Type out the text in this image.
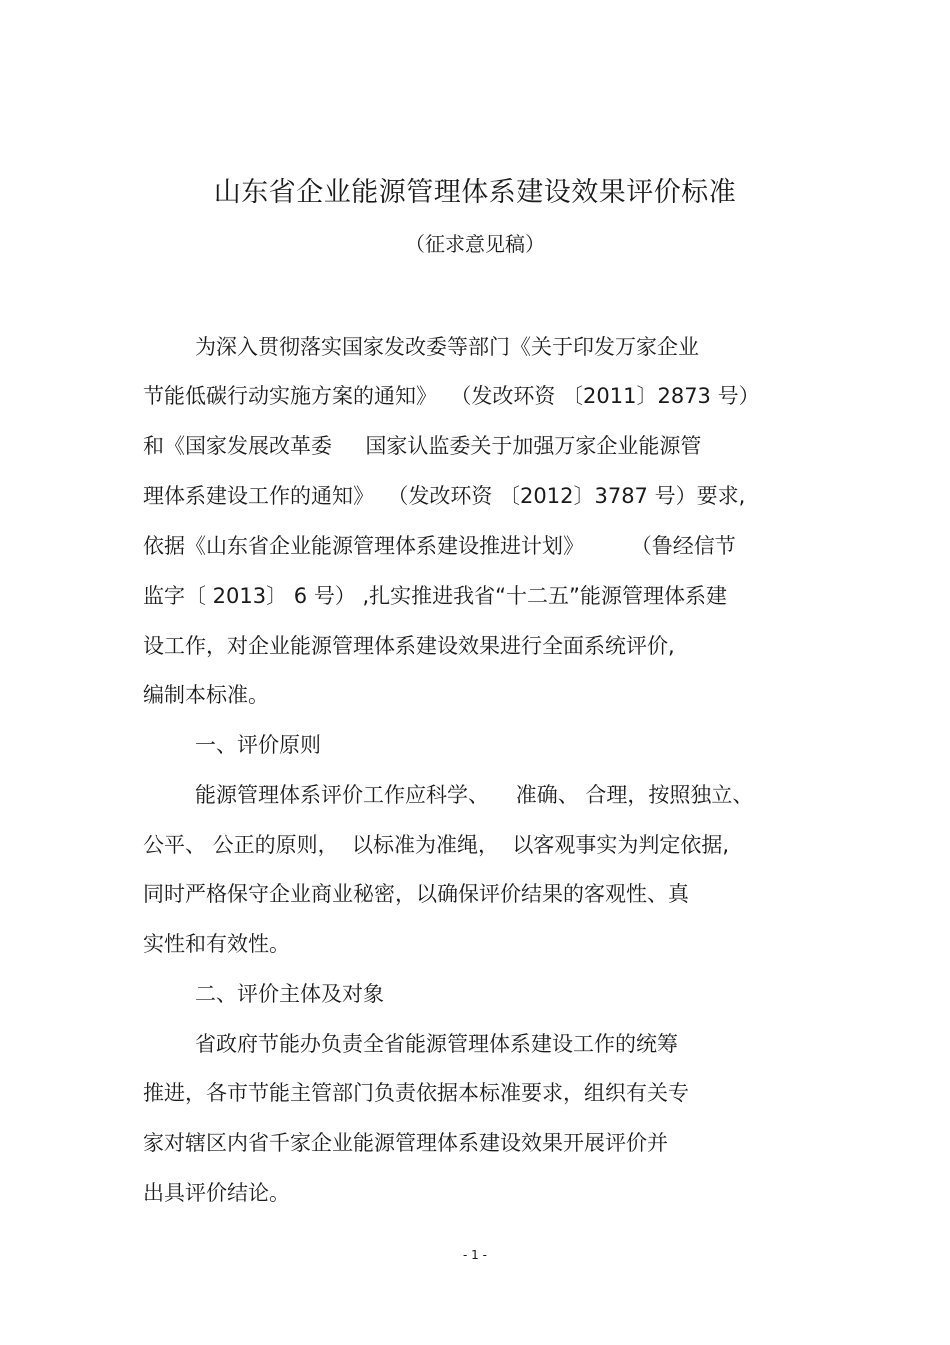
山东省企业能源管理体系建设效果评价标准
（征求意见稿）
为深入贯彻落实国家发改委等部门《关于印发万家企业
节能低碳行动实施方案的通知》  （发改环资 〔2011〕2873 号）
和《国家发展改革委     国家认监委关于加强万家企业能源管
理体系建设工作的通知》  （发改环资 〔2012〕3787 号）要求,
依据《山东省企业能源管理体系建设推进计划》       （鲁经信节
监字〔 2013〕 6 号） ,扎实推进我省“十二五”能源管理体系建
设工作，对企业能源管理体系建设效果进行全面系统评价,
编制本标准。
一、评价原则
能源管理体系评价工作应科学、    准确、 合理，按照独立、
公平、 公正的原则，  以标准为准绳，  以客观事实为判定依据,
同时严格保守企业商业秘密，以确保评价结果的客观性、真
实性和有效性。
二、评价主体及对象
省政府节能办负责全省能源管理体系建设工作的统筹
推进，各市节能主管部门负责依据本标准要求，组织有关专
家对辖区内省千家企业能源管理体系建设效果开展评价并
出具评价结论。
- 1 -
